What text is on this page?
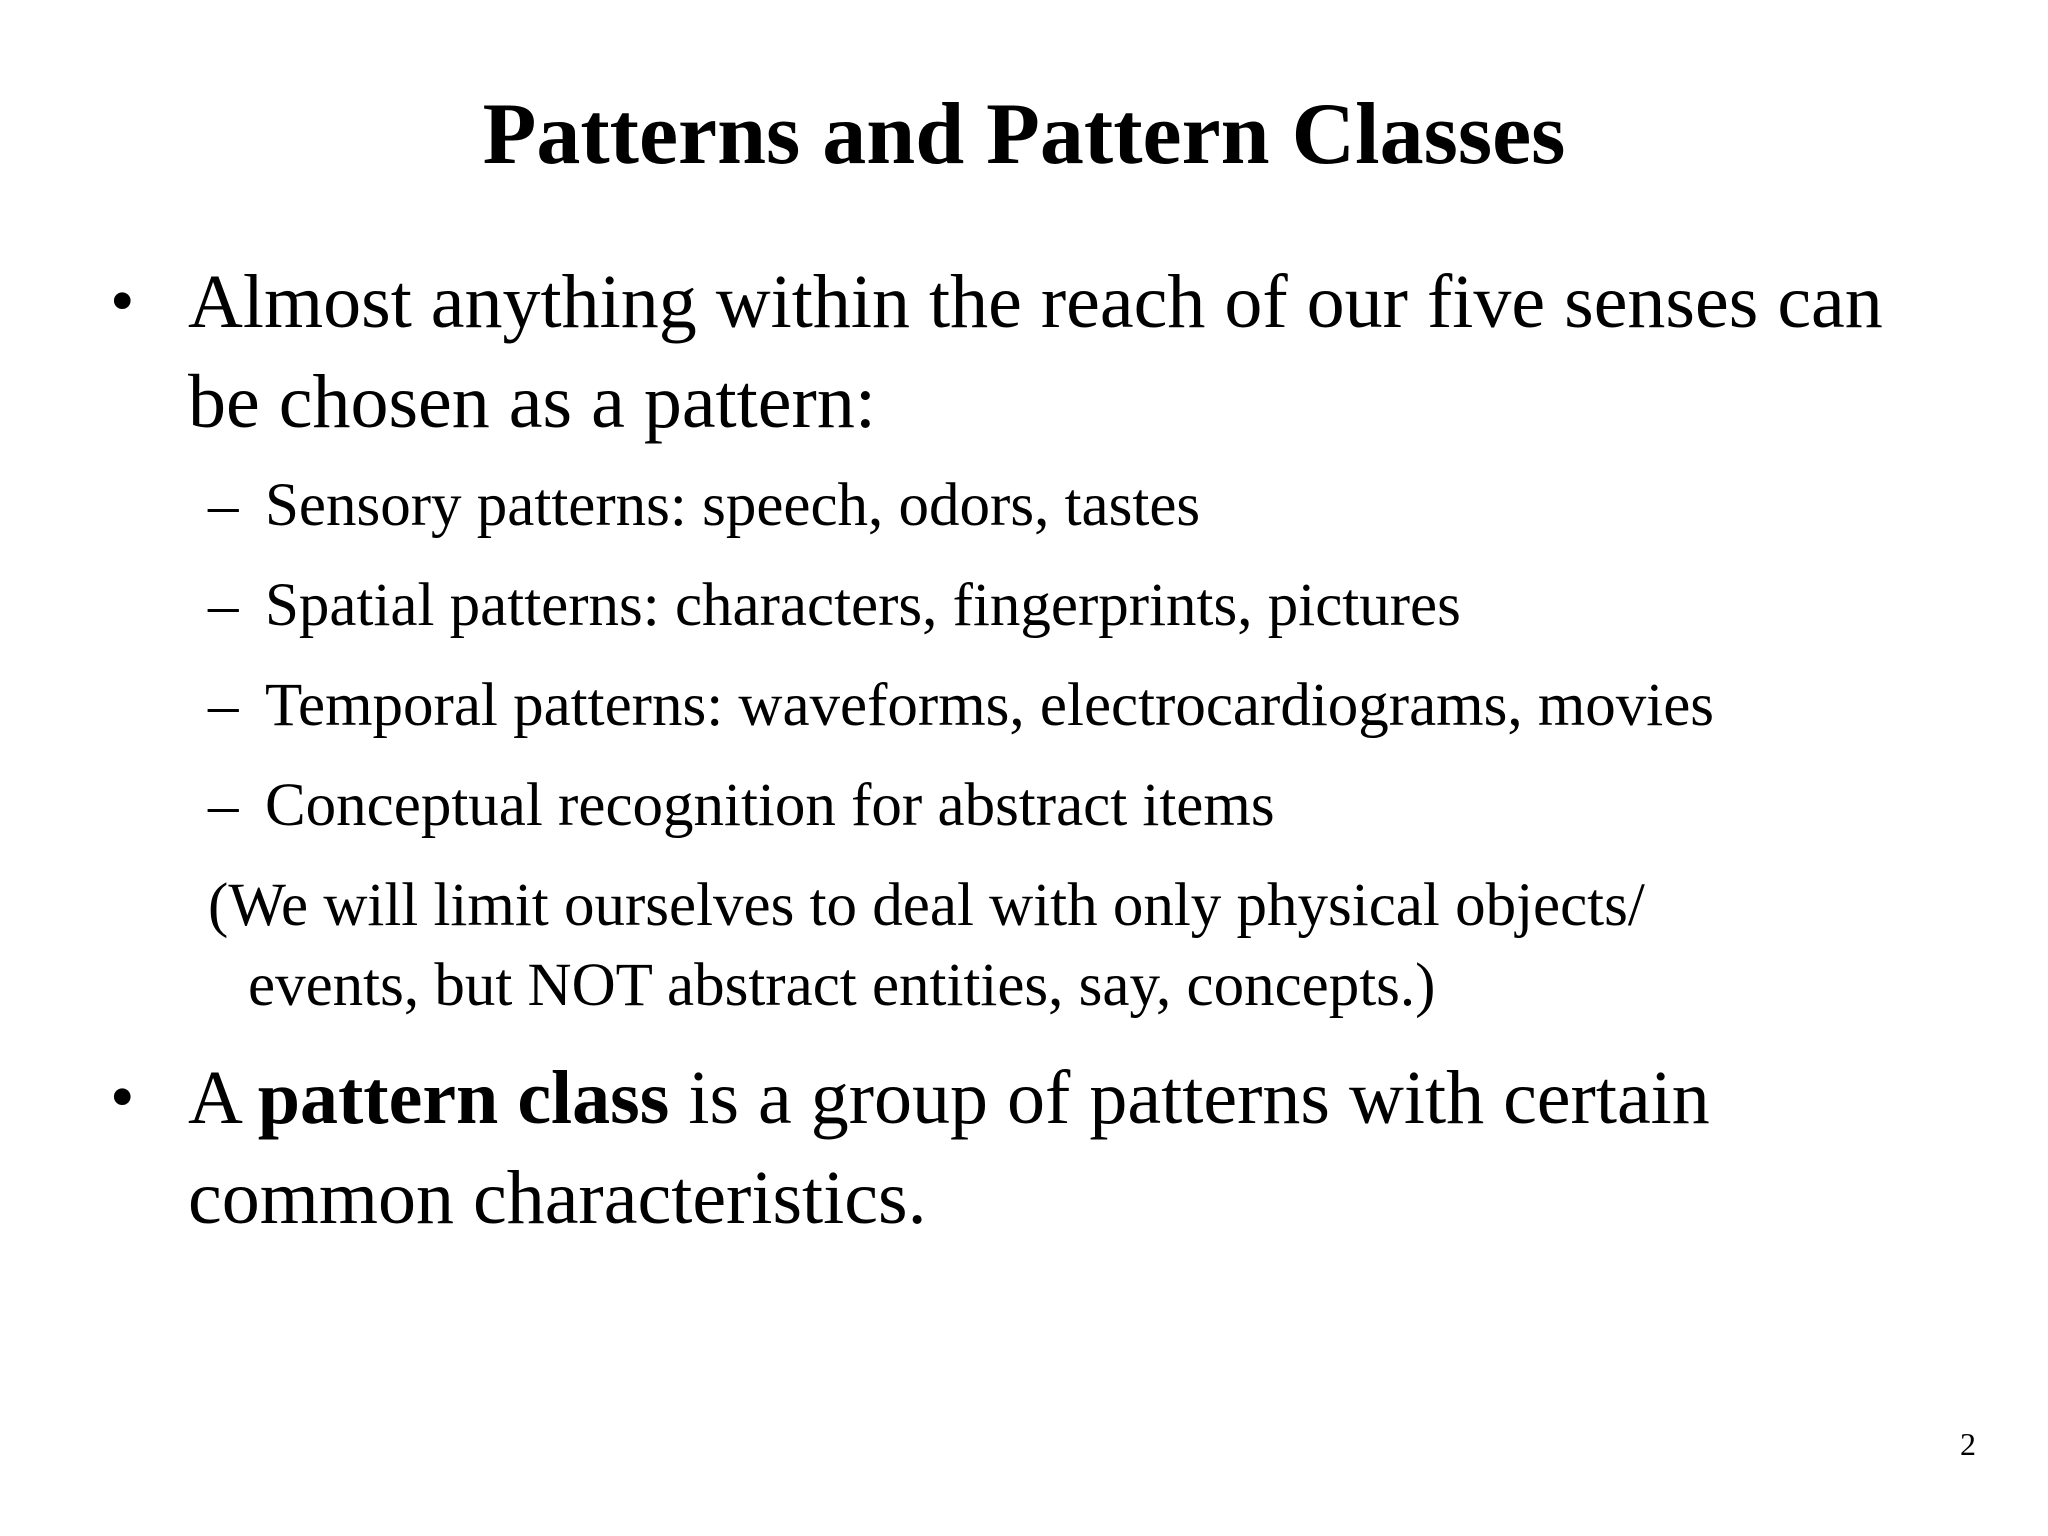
Patterns and Pattern Classes
• Almost anything within the reach of our five senses can
be chosen as a pattern:
– Sensory patterns: speech, odors, tastes
– Spatial patterns: characters, fingerprints, pictures
– Temporal patterns: waveforms, electrocardiograms, movies
– Conceptual recognition for abstract items
(We will limit ourselves to deal with only physical objects/
events, but NOT abstract entities, say, concepts.)
• A pattern class is a group of patterns with certain
common characteristics.
2
